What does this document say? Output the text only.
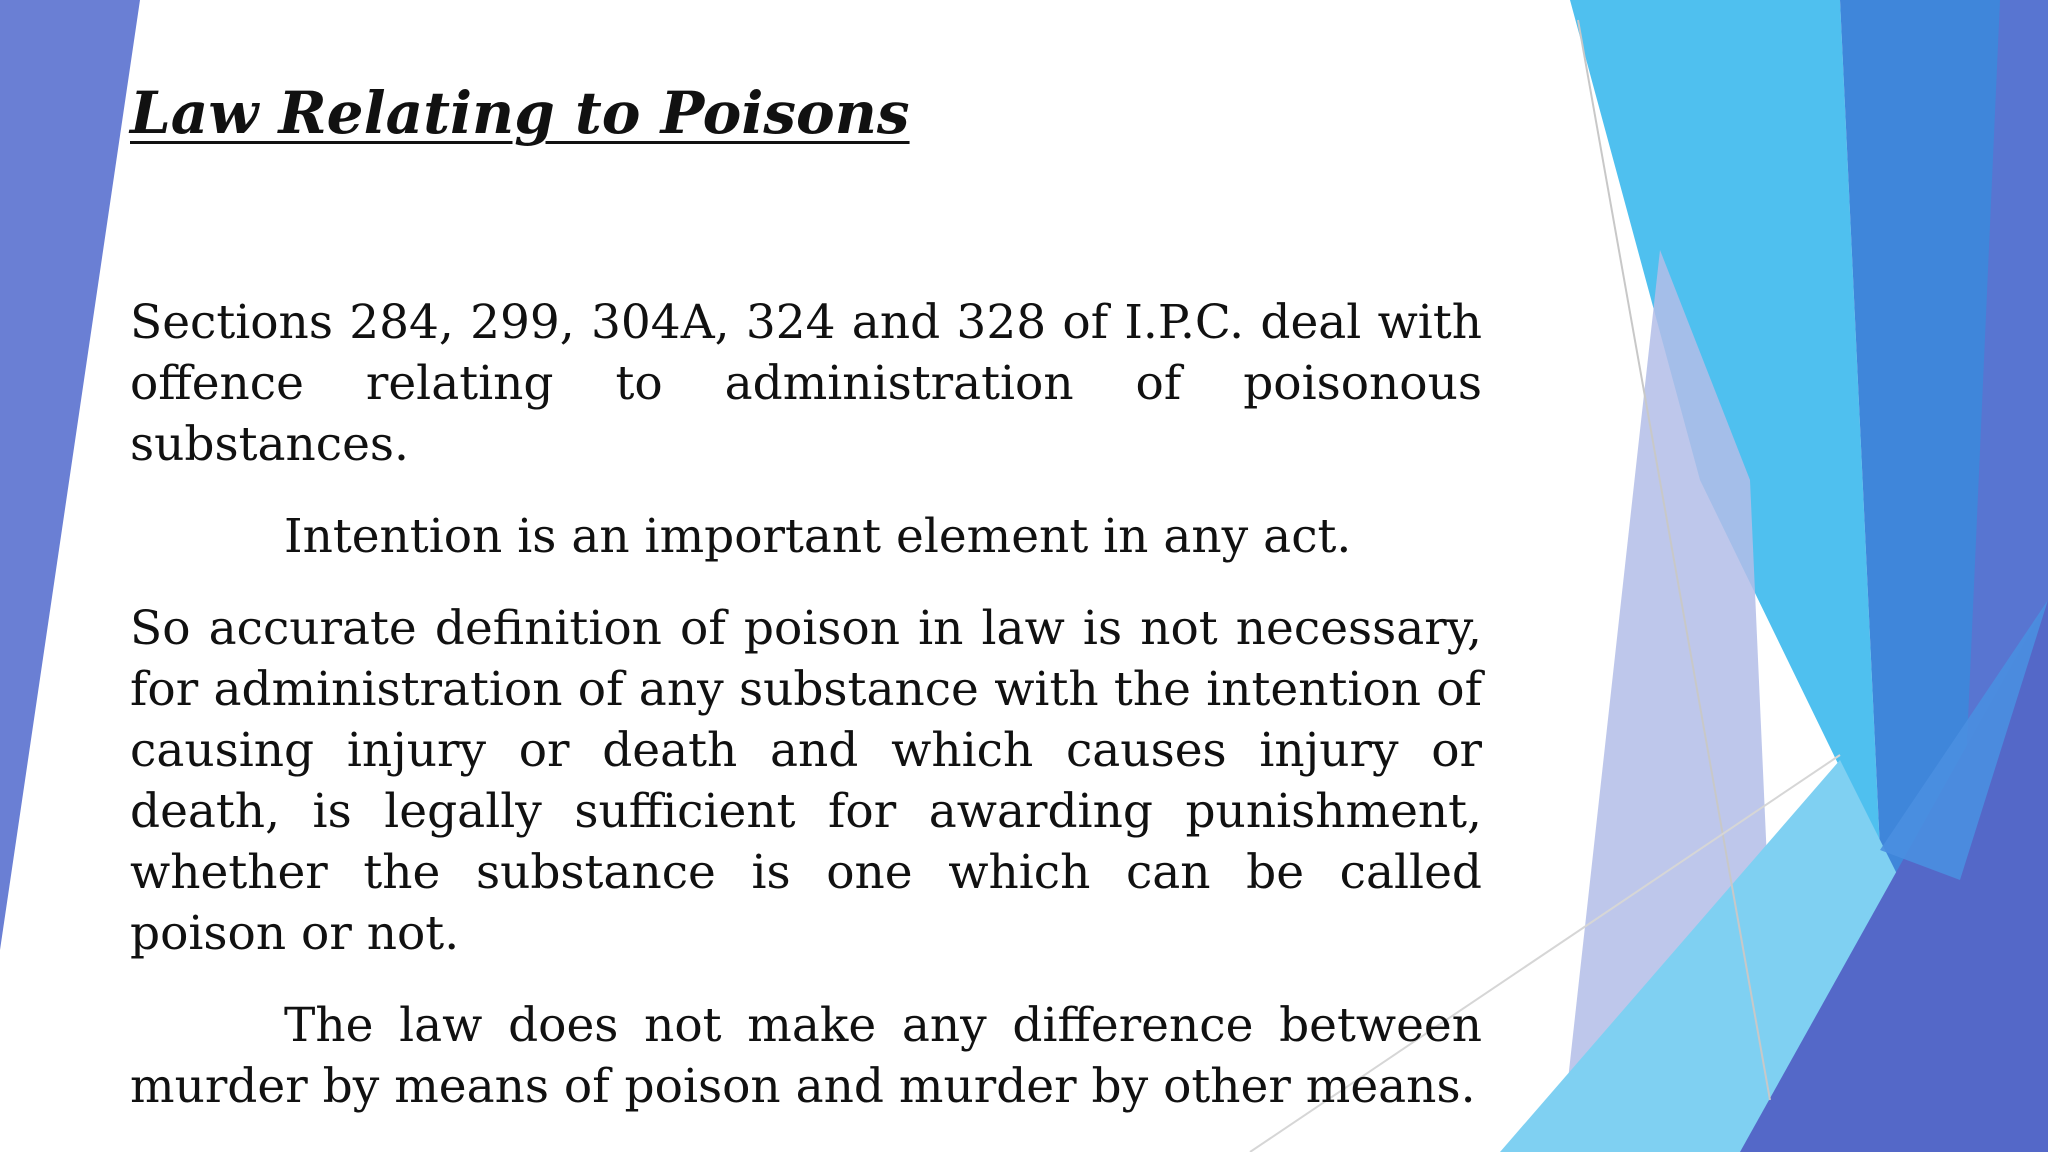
Law Relating to Poisons

Sections 284, 299, 304A, 324 and 328 of I.P.C. deal with offence relating to administration of poisonous substances.

Intention is an important element in any act.

So accurate definition of poison in law is not necessary, for administration of any substance with the intention of causing injury or death and which causes injury or death, is legally sufficient for awarding punishment, whether the substance is one which can be called poison or not.

The law does not make any difference between murder by means of poison and murder by other means.
